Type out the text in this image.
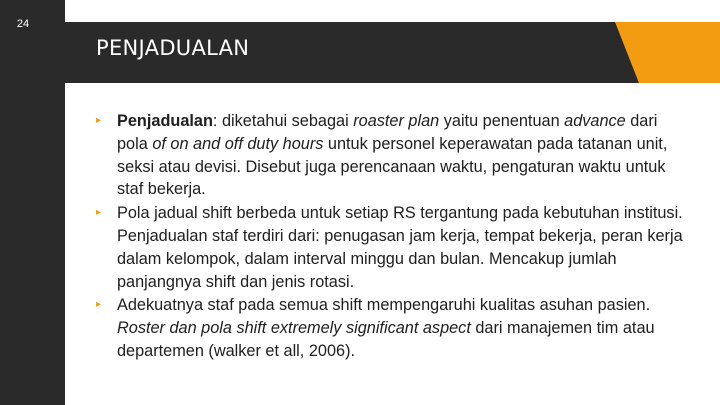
24
PENJADUALAN
▸ Penjadualan: diketahui sebagai roaster plan yaitu penentuan advance dari pola of on and off duty hours untuk personel keperawatan pada tatanan unit, seksi atau devisi. Disebut juga perencanaan waktu, pengaturan waktu untuk staf bekerja.
▸ Pola jadual shift berbeda untuk setiap RS tergantung pada kebutuhan institusi. Penjadualan staf terdiri dari: penugasan jam kerja, tempat bekerja, peran kerja dalam kelompok, dalam interval minggu dan bulan. Mencakup jumlah panjangnya shift dan jenis rotasi.
▸ Adekuatnya staf pada semua shift mempengaruhi kualitas asuhan pasien. Roster dan pola shift extremely significant aspect dari manajemen tim atau departemen (walker et all, 2006).
